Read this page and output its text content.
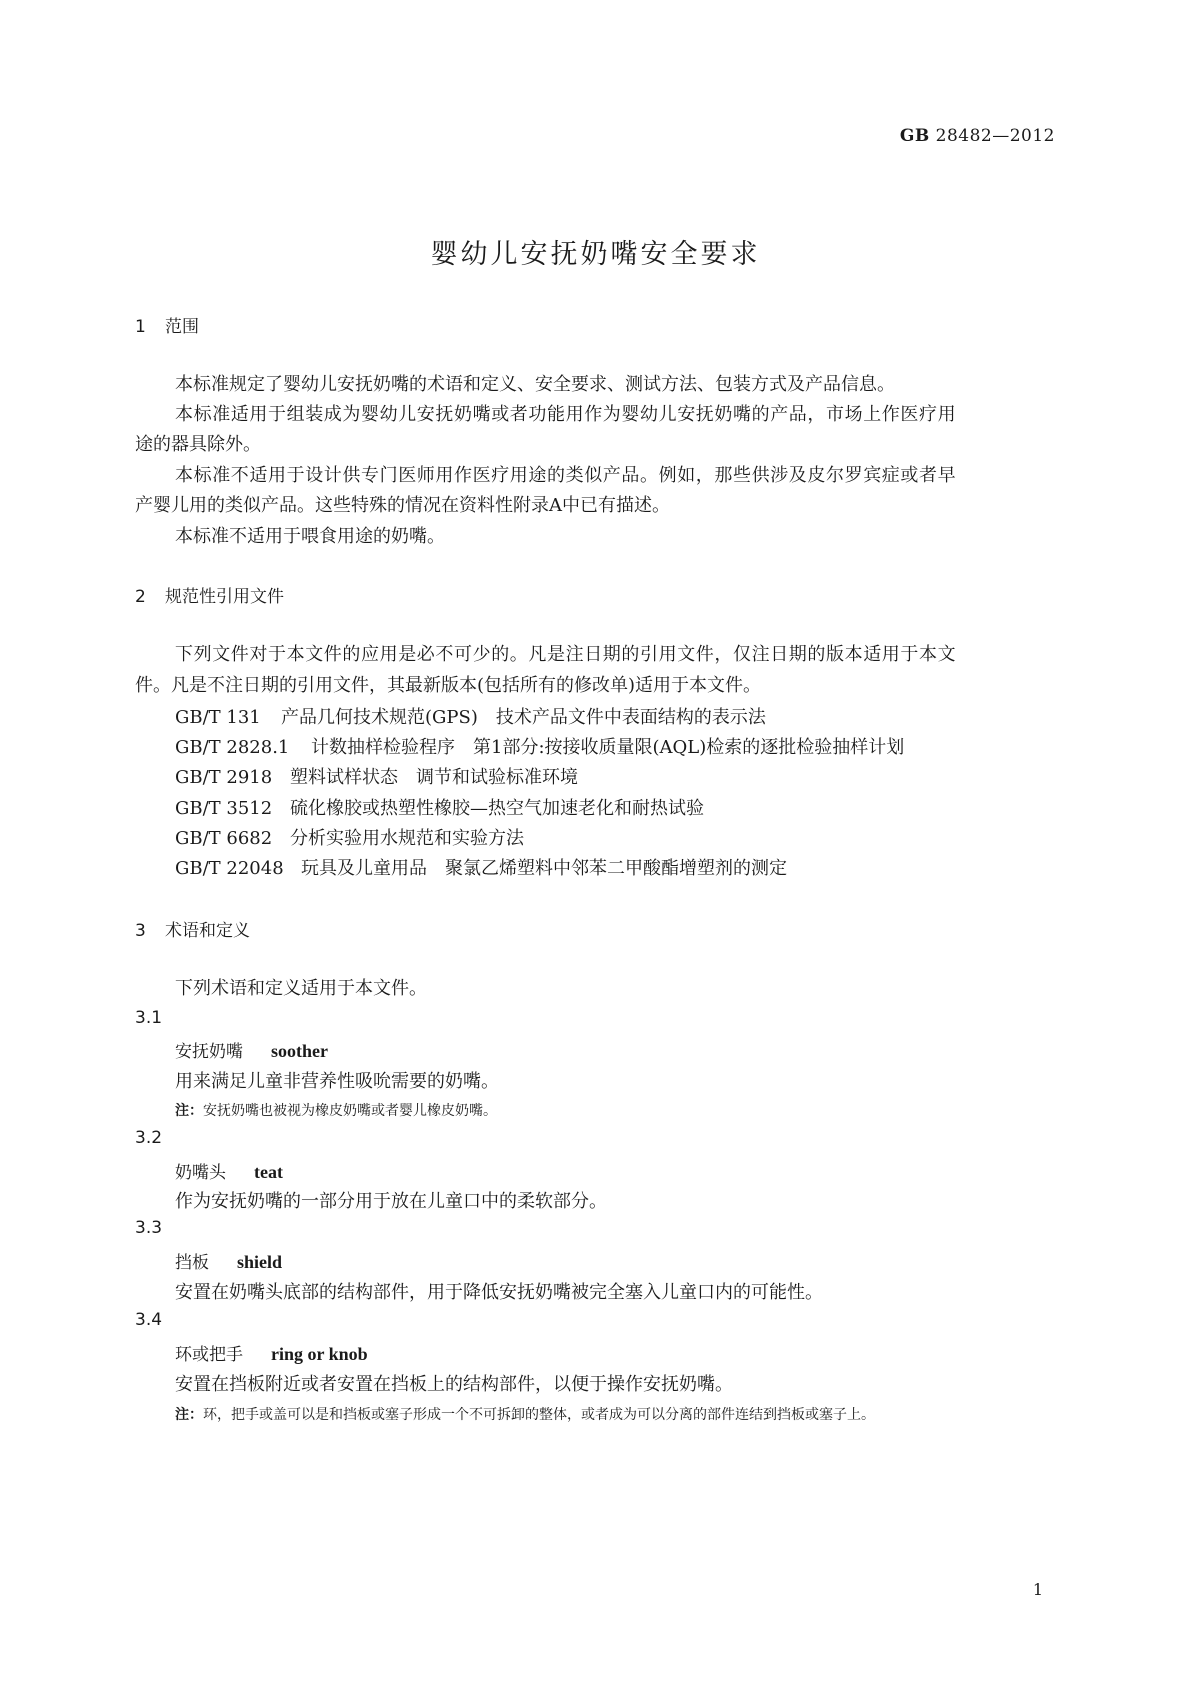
GB 28482—2012
婴幼儿安抚奶嘴安全要求
1 范围
本标准规定了婴幼儿安抚奶嘴的术语和定义、安全要求、测试方法、包装方式及产品信息。
本标准适用于组装成为婴幼儿安抚奶嘴或者功能用作为婴幼儿安抚奶嘴的产品，市场上作医疗用
途的器具除外。
本标准不适用于设计供专门医师用作医疗用途的类似产品。例如，那些供涉及皮尔罗宾症或者早
产婴儿用的类似产品。这些特殊的情况在资料性附录A中已有描述。
本标准不适用于喂食用途的奶嘴。
2 规范性引用文件
下列文件对于本文件的应用是必不可少的。凡是注日期的引用文件，仅注日期的版本适用于本文
件。凡是不注日期的引用文件，其最新版本(包括所有的修改单)适用于本文件。
GB/T 131 产品几何技术规范(GPS)　技术产品文件中表面结构的表示法
GB/T 2828.1 计数抽样检验程序　第1部分:按接收质量限(AQL)检索的逐批检验抽样计划
GB/T 2918 塑料试样状态　调节和试验标准环境
GB/T 3512 硫化橡胶或热塑性橡胶—热空气加速老化和耐热试验
GB/T 6682 分析实验用水规范和实验方法
GB/T 22048 玩具及儿童用品　聚氯乙烯塑料中邻苯二甲酸酯增塑剂的测定
3 术语和定义
下列术语和定义适用于本文件。
3.1
安抚奶嘴 soother
用来满足儿童非营养性吸吮需要的奶嘴。
注：安抚奶嘴也被视为橡皮奶嘴或者婴儿橡皮奶嘴。
3.2
奶嘴头 teat
作为安抚奶嘴的一部分用于放在儿童口中的柔软部分。
3.3
挡板 shield
安置在奶嘴头底部的结构部件，用于降低安抚奶嘴被完全塞入儿童口内的可能性。
3.4
环或把手 ring or knob
安置在挡板附近或者安置在挡板上的结构部件，以便于操作安抚奶嘴。
注：环，把手或盖可以是和挡板或塞子形成一个不可拆卸的整体，或者成为可以分离的部件连结到挡板或塞子上。
1
